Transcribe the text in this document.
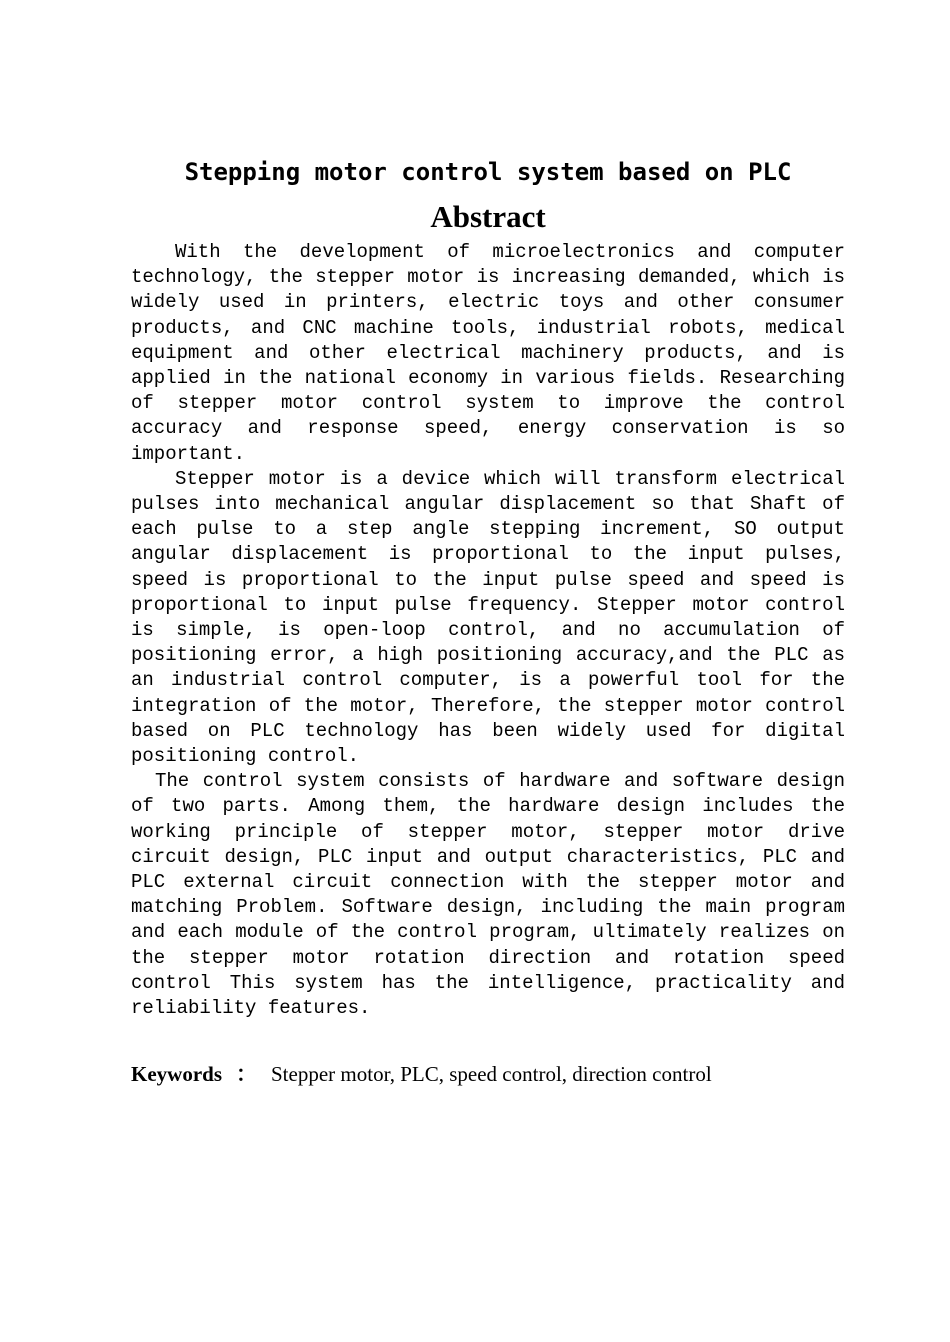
Stepping motor control system based on PLC
Abstract

With the development of microelectronics and computer technology, the stepper motor is increasing demanded, which is widely used in printers, electric toys and other consumer products, and CNC machine tools, industrial robots, medical equipment and other electrical machinery products, and is applied in the national economy in various fields. Researching of stepper motor control system to improve the control accuracy and response speed, energy conservation is so important.

Stepper motor is a device which will transform electrical pulses into mechanical angular displacement so that Shaft of each pulse to a step angle stepping increment, SO output angular displacement is proportional to the input pulses, speed is proportional to the input pulse speed and speed is proportional to input pulse frequency. Stepper motor control is simple, is open-loop control, and no accumulation of positioning error, a high positioning accuracy,and the PLC as an industrial control computer, is a powerful tool for the integration of the motor, Therefore, the stepper motor control based on PLC technology has been widely used for digital positioning control.

The control system consists of hardware and software design of two parts. Among them, the hardware design includes the working principle of stepper motor, stepper motor drive circuit design, PLC input and output characteristics, PLC and PLC external circuit connection with the stepper motor and matching Problem. Software design, including the main program and each module of the control program, ultimately realizes on the stepper motor rotation direction and rotation speed control This system has the intelligence, practicality and reliability features.

Keywords ： Stepper motor, PLC, speed control, direction control
